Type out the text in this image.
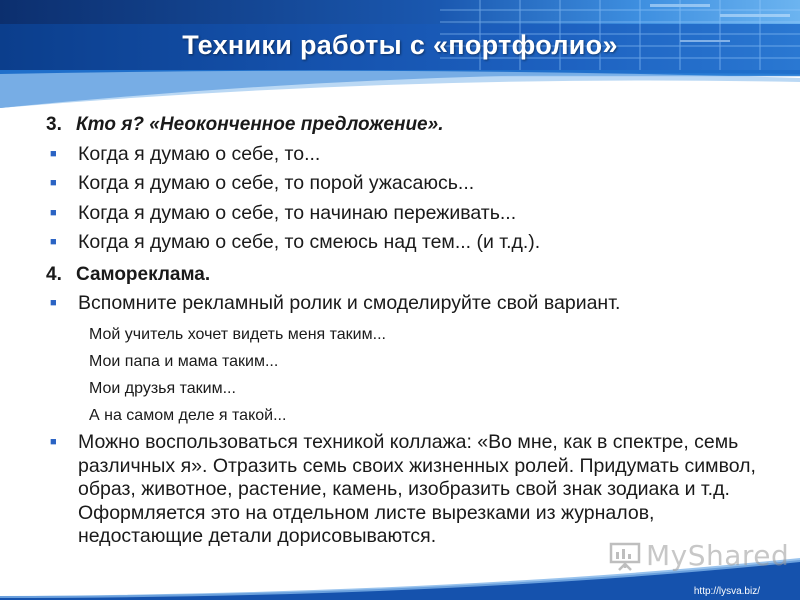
Техники работы с «портфолио»
3. Кто я? «Неоконченное предложение».
■	Когда я думаю о себе, то...
■	Когда я думаю о себе, то порой ужасаюсь...
■	Когда я думаю о себе, то начинаю переживать...
■	Когда я думаю о себе, то смеюсь над тем... (и т.д.).
4. Самореклама.
■	Вспомните рекламный ролик и смоделируйте свой вариант.
Мой учитель хочет видеть меня таким...
Мои папа и мама таким...
Мои друзья таким...
А на самом деле я такой...
■	Можно воспользоваться техникой коллажа: «Во мне, как в спектре, семь различных я». Отразить семь своих жизненных ролей. Придумать символ, образ, животное, растение, камень, изобразить свой знак зодиака и т.д. Оформляется это на отдельном листе вырезками из журналов, недостающие детали дорисовываются.
MyShared
http://lysva.biz/
